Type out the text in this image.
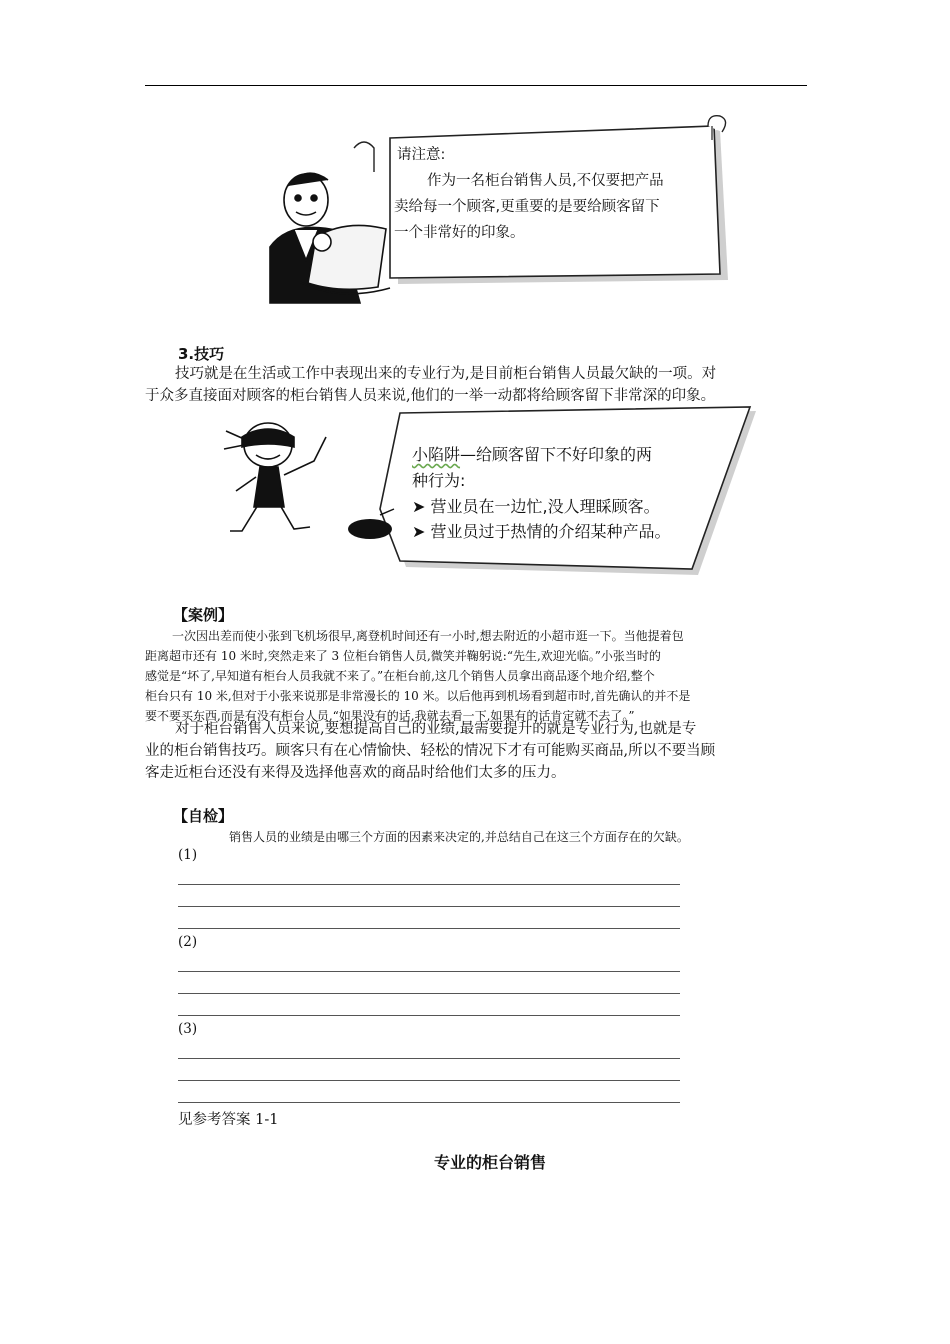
请注意:
作为一名柜台销售人员,不仅要把产品
卖给每一个顾客,更重要的是要给顾客留下
一个非常好的印象。
3.技巧
技巧就是在生活或工作中表现出来的专业行为,是目前柜台销售人员最欠缺的一项。对
于众多直接面对顾客的柜台销售人员来说,他们的一举一动都将给顾客留下非常深的印象。
小陷阱—给顾客留下不好印象的两
种行为:
➤ 营业员在一边忙,没人理睬顾客。
➤ 营业员过于热情的介绍某种产品。
【案例】
一次因出差而使小张到飞机场很早,离登机时间还有一小时,想去附近的小超市逛一下。当他提着包
距离超市还有 10 米时,突然走来了 3 位柜台销售人员,微笑并鞠躬说:“先生,欢迎光临。”小张当时的
感觉是“坏了,早知道有柜台人员我就不来了。”在柜台前,这几个销售人员拿出商品逐个地介绍,整个
柜台只有 10 米,但对于小张来说那是非常漫长的 10 米。以后他再到机场看到超市时,首先确认的并不是
要不要买东西,而是有没有柜台人员,“如果没有的话,我就去看一下,如果有的话肯定就不去了。”
对于柜台销售人员来说,要想提高自己的业绩,最需要提升的就是专业行为,也就是专
业的柜台销售技巧。顾客只有在心情愉快、轻松的情况下才有可能购买商品,所以不要当顾
客走近柜台还没有来得及选择他喜欢的商品时给他们太多的压力。
【自检】
销售人员的业绩是由哪三个方面的因素来决定的,并总结自己在这三个方面存在的欠缺。
(1)
(2)
(3)
见参考答案 1-1
专业的柜台销售
